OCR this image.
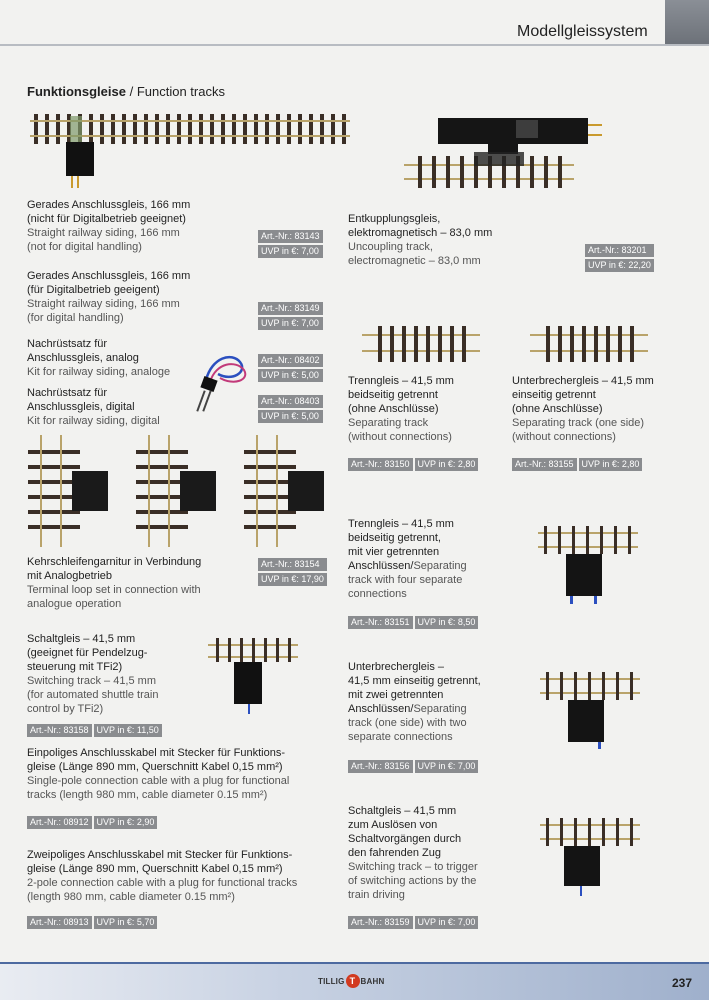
Modellgleissystem
Funktionsgleise / Function tracks
Gerades Anschlussgleis, 166 mm
(nicht für Digitalbetrieb geeignet)
Straight railway siding, 166 mm
(not for digital handling)
Art.-Nr.: 83143
UVP in €: 7,00
Gerades Anschlussgleis, 166 mm
(für Digitalbetrieb geeigent)
Straight railway siding, 166 mm
(for digital handling)
Art.-Nr.: 83149
UVP in €: 7,00
Nachrüstsatz für
Anschlussgleis, analog
Kit for railway siding, analoge
Art.-Nr.: 08402
UVP in €: 5,00
Nachrüstsatz für
Anschlussgleis, digital
Kit for railway siding, digital
Art.-Nr.: 08403
UVP in €: 5,00
Kehrschleifengarnitur in Verbindung
mit Analogbetrieb
Terminal loop set in connection with
analogue operation
Art.-Nr.: 83154
UVP in €: 17,90
Schaltgleis – 41,5 mm
(geeignet für Pendelzug-
steuerung mit TFi2)
Switching track – 41,5 mm
(for automated shuttle train
control by TFi2)
Art.-Nr.: 83158 UVP in €: 11,50
Einpoliges Anschlusskabel mit Stecker für Funktions-
gleise (Länge 890 mm, Querschnitt Kabel 0,15 mm²)
Single-pole connection cable with a plug for functional
tracks (length 980 mm, cable diameter 0.15 mm²)
Art.-Nr.: 08912 UVP in €: 2,90
Zweipoliges Anschlusskabel mit Stecker für Funktions-
gleise (Länge 890 mm, Querschnitt Kabel 0,15 mm²)
2-pole connection cable with a plug for functional tracks
(length 980 mm, cable diameter 0.15 mm²)
Art.-Nr.: 08913 UVP in €: 5,70
Entkupplungsgleis,
elektromagnetisch – 83,0 mm
Uncoupling track,
electromagnetic – 83,0 mm
Art.-Nr.: 83201
UVP in €: 22,20
Trenngleis – 41,5 mm
beidseitig getrennt
(ohne Anschlüsse)
Separating track
(without connections)
Art.-Nr.: 83150 UVP in €: 2,80
Unterbrechergleis – 41,5 mm
einseitig getrennt
(ohne Anschlüsse)
Separating track (one side)
(without connections)
Art.-Nr.: 83155 UVP in €: 2,80
Trenngleis – 41,5 mm
beidseitig getrennt,
mit vier getrennten
Anschlüssen/Separating
track with four separate
connections
Art.-Nr.: 83151 UVP in €: 8,50
Unterbrechergleis –
41,5 mm einseitig getrennt,
mit zwei getrennten
Anschlüssen/Separating
track (one side) with two
separate connections
Art.-Nr.: 83156 UVP in €: 7,00
Schaltgleis – 41,5 mm
zum Auslösen von
Schaltvorgängen durch
den fahrenden Zug
Switching track – to trigger
of switching actions by the
train driving
Art.-Nr.: 83159 UVP in €: 7,00
TILLIG T BAHN	237
